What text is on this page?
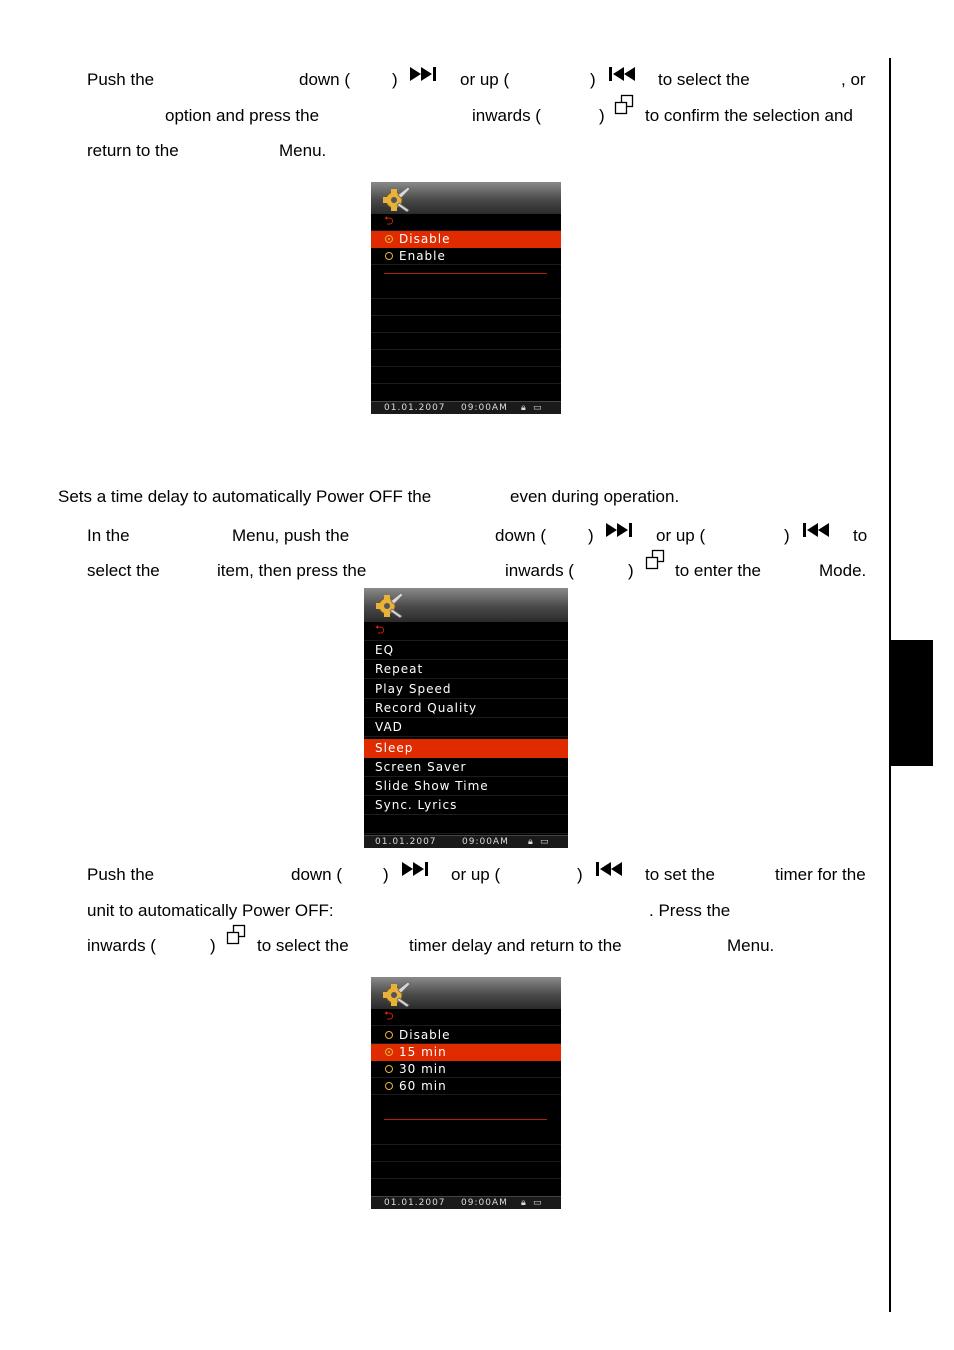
Push the	down ( )	or up (	)	to select the	, or
option and press the	inwards (	) to confirm the selection and
return to the	Menu.
⮌
Disable
Enable
01.01.2007 09:00AM 🔒︎ ▭
Sets a time delay to automatically Power OFF the	even during operation.
In the	Menu, push the	down ( )	or up (	)	to
select the	item, then press the	inwards (	) to enter the	Mode.
⮌
EQ
Repeat
Play Speed
Record Quality
VAD
Sleep
Screen Saver
Slide Show Time
Sync. Lyrics
01.01.2007	09:00AM 🔒︎ ▭
Push the	down ( )	or up (	)	to set the	timer for the
unit to automatically Power OFF:	. Press the
inwards (	) to select the	timer delay and return to the	Menu.
⮌
Disable
15 min
30 min
60 min
01.01.2007 09:00AM 🔒︎ ▭
